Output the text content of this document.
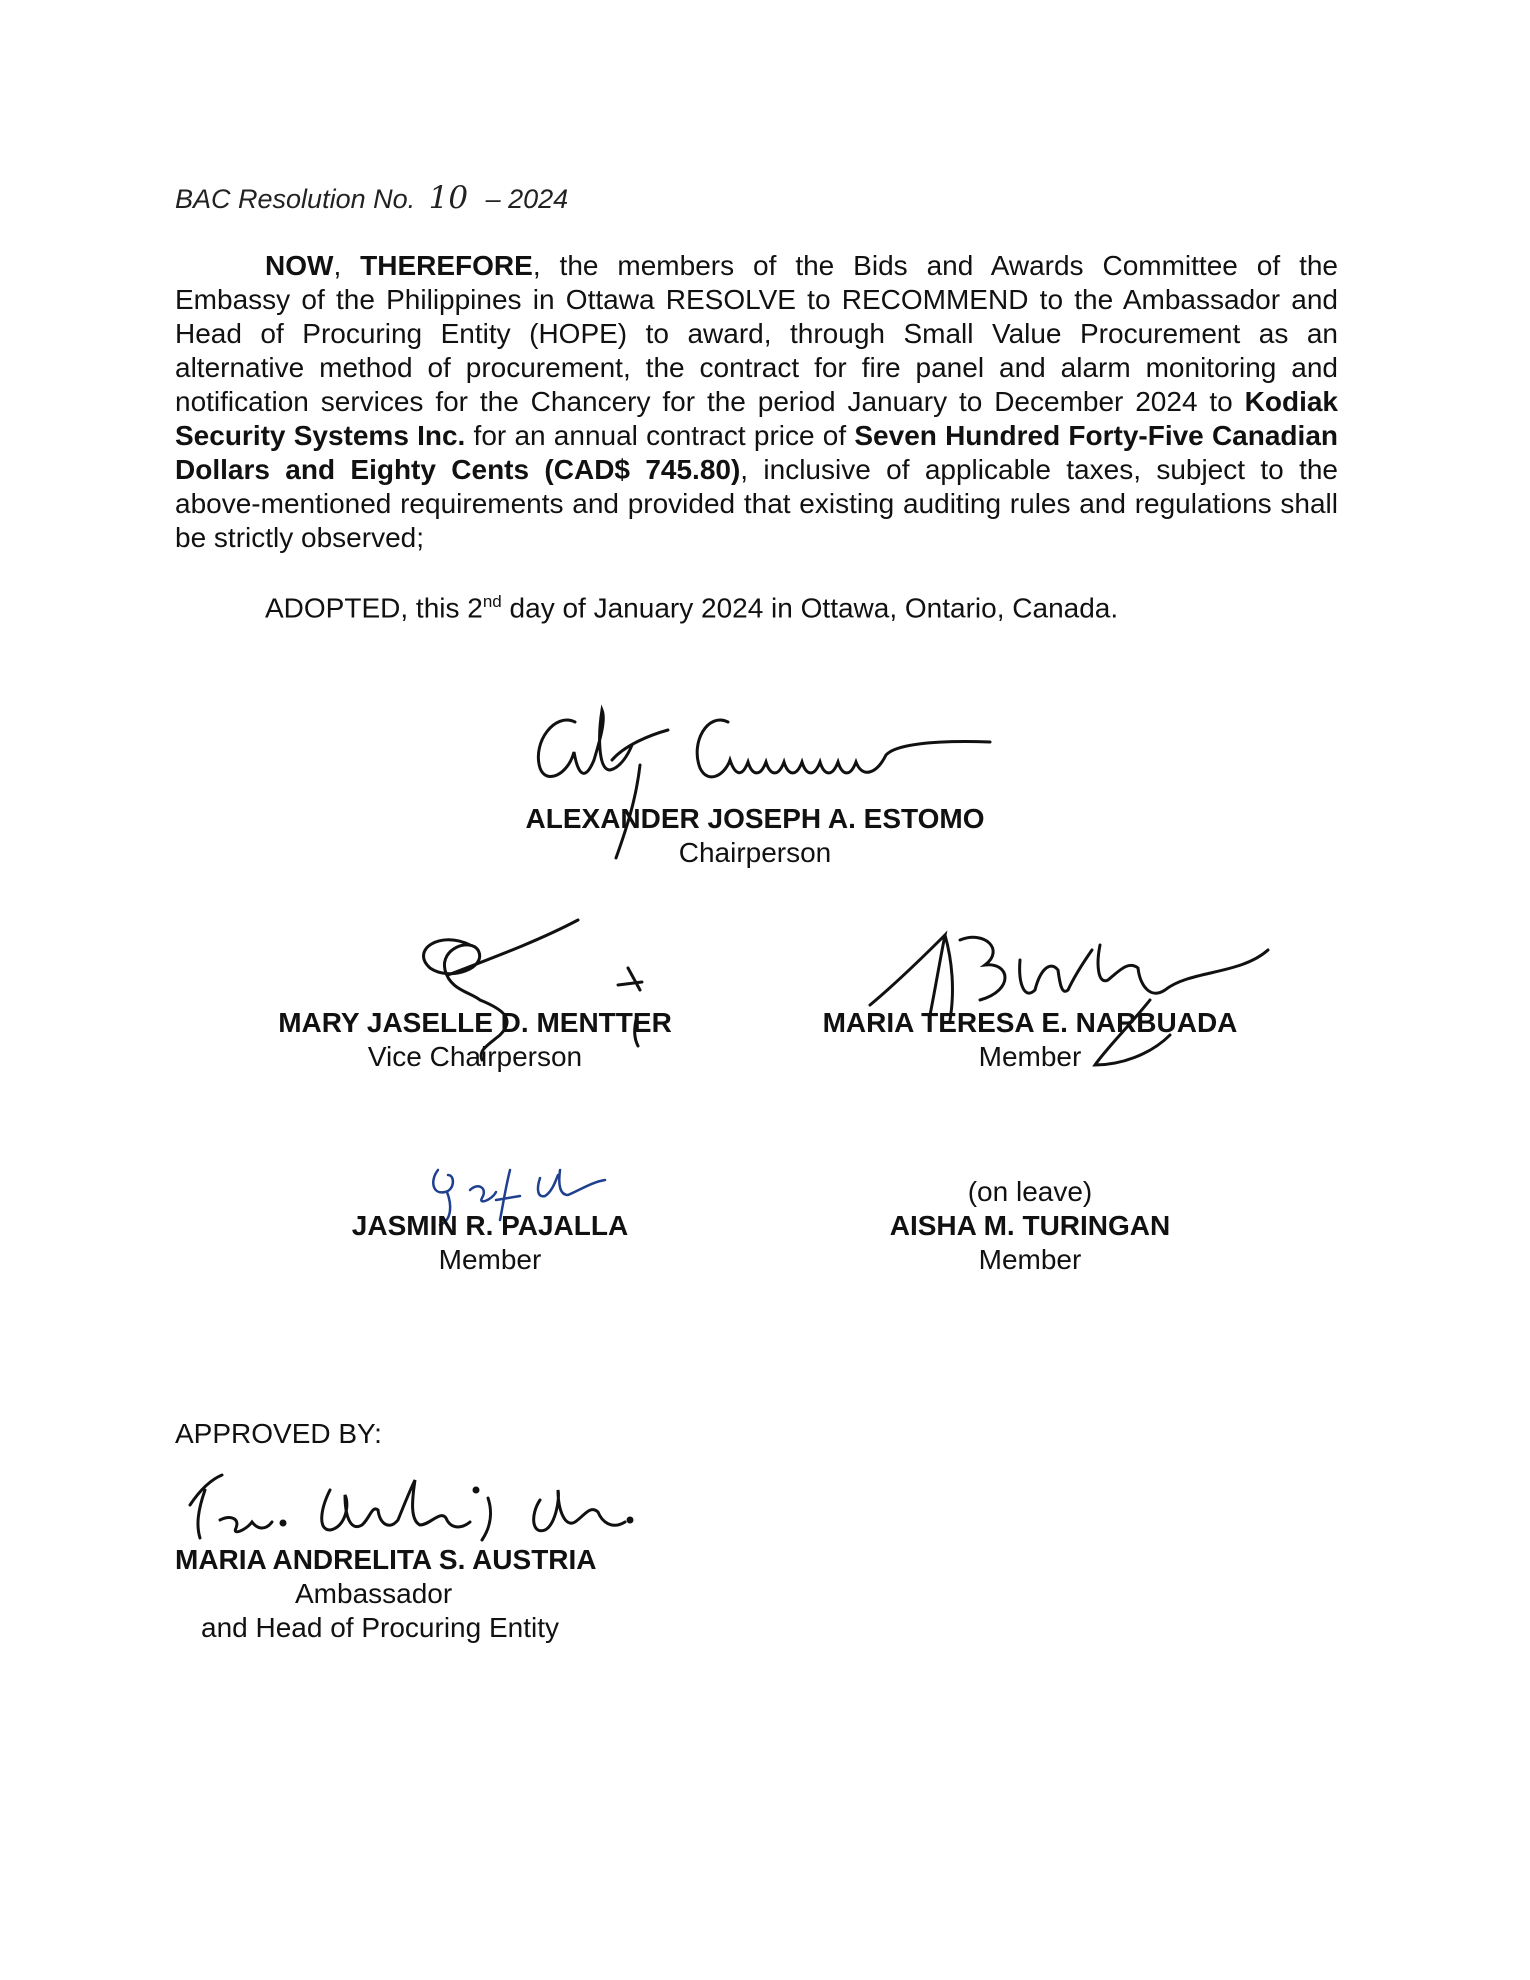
BAC Resolution No. 10 – 2024
NOW, THEREFORE, the members of the Bids and Awards Committee of the Embassy of the Philippines in Ottawa RESOLVE to RECOMMEND to the Ambassador and Head of Procuring Entity (HOPE) to award, through Small Value Procurement as an alternative method of procurement, the contract for fire panel and alarm monitoring and notification services for the Chancery for the period January to December 2024 to Kodiak Security Systems Inc. for an annual contract price of Seven Hundred Forty-Five Canadian Dollars and Eighty Cents (CAD$ 745.80), inclusive of applicable taxes, subject to the above-mentioned requirements and provided that existing auditing rules and regulations shall be strictly observed;
ADOPTED, this 2nd day of January 2024 in Ottawa, Ontario, Canada.
ALEXANDER JOSEPH A. ESTOMO
Chairperson
MARY JASELLE D. MENTTER
Vice Chairperson
MARIA TERESA E. NARBUADA
Member
JASMIN R. PAJALLA
Member
(on leave)
AISHA M. TURINGAN
Member
APPROVED BY:
MARIA ANDRELITA S. AUSTRIA
Ambassador
and Head of Procuring Entity
